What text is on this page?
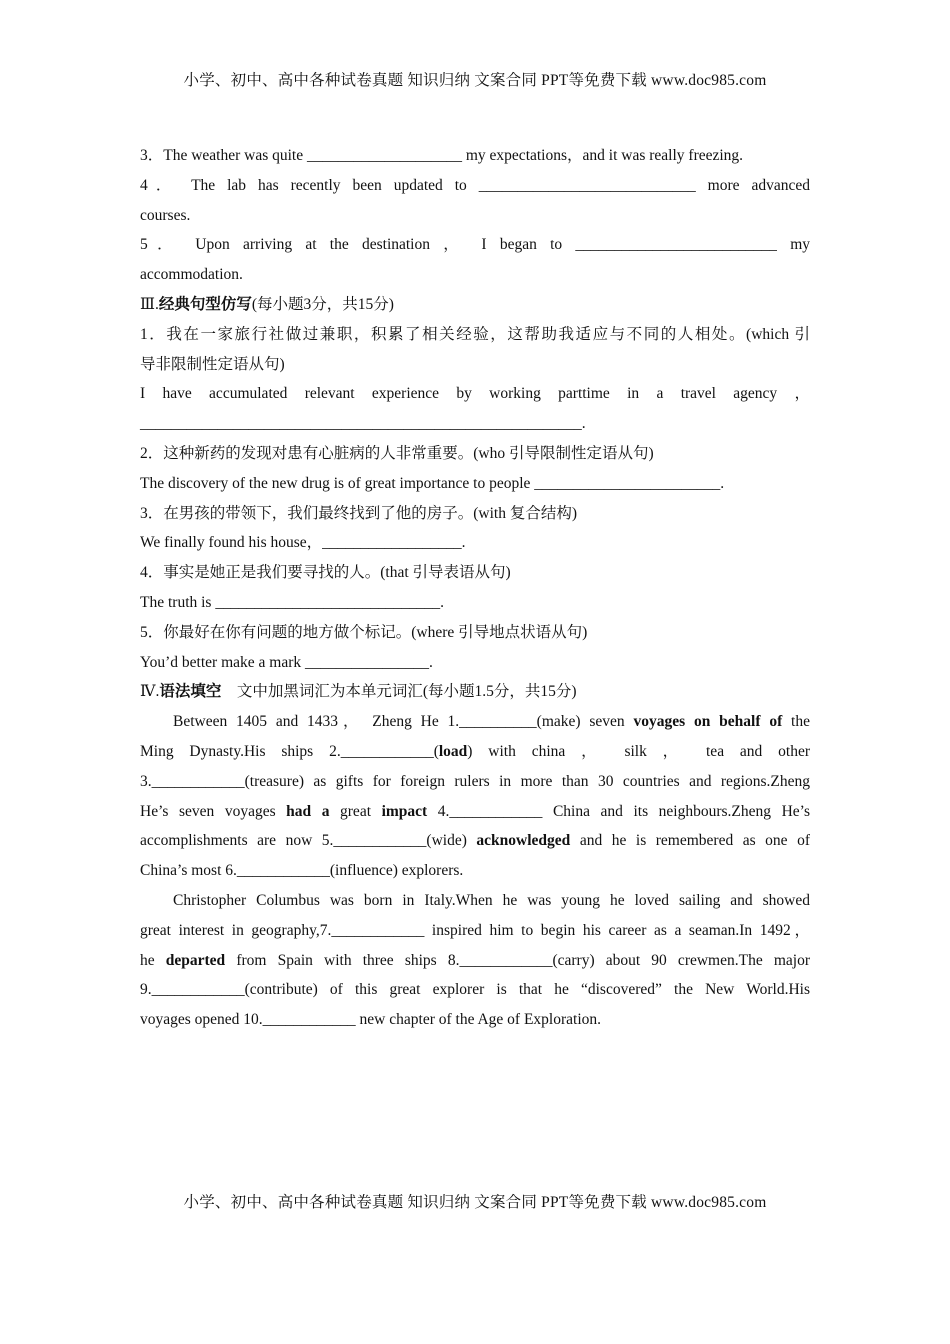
小学、初中、高中各种试卷真题 知识归纳 文案合同 PPT等免费下载 www.doc985.com
3．The weather was quite ____________________ my expectations，and it was really freezing.
4． The lab has recently been updated to ____________________________ more advanced
courses.
5． Upon arriving at the destination ， I began to __________________________ my
accommodation.
Ⅲ.经典句型仿写(每小题3分，共15分)
1．我在一家旅行社做过兼职，积累了相关经验，这帮助我适应与不同的人相处。(which 引
导非限制性定语从句)
I have accumulated relevant experience by working parttime in a travel agency ，
_________________________________________________________.
2．这种新药的发现对患有心脏病的人非常重要。(who 引导限制性定语从句)
The discovery of the new drug is of great importance to people ________________________.
3．在男孩的带领下，我们最终找到了他的房子。(with 复合结构)
We finally found his house，__________________.
4．事实是她正是我们要寻找的人。(that 引导表语从句)
The truth is _____________________________.
5．你最好在你有问题的地方做个标记。(where 引导地点状语从句)
You’d better make a mark ________________.
Ⅳ.语法填空　文中加黑词汇为本单元词汇(每小题1.5分，共15分)
Between 1405 and 1433， Zheng He 1.__________(make) seven voyages on behalf of the
Ming Dynasty.His ships 2.____________(load) with china ， silk ， tea and other
3.____________(treasure) as gifts for foreign rulers in more than 30 countries and regions.Zheng
He’s seven voyages had a great impact 4.____________ China and its neighbours.Zheng He’s
accomplishments are now 5.____________(wide) acknowledged and he is remembered as one of
China’s most 6.____________(influence) explorers.
Christopher Columbus was born in Italy.When he was young he loved sailing and showed
great interest in geography,7.____________ inspired him to begin his career as a seaman.In 1492，
he departed from Spain with three ships 8.____________(carry) about 90 crewmen.The major
9.____________(contribute) of this great explorer is that he “discovered” the New World.His
voyages opened 10.____________ new chapter of the Age of Exploration.
小学、初中、高中各种试卷真题 知识归纳 文案合同 PPT等免费下载 www.doc985.com
